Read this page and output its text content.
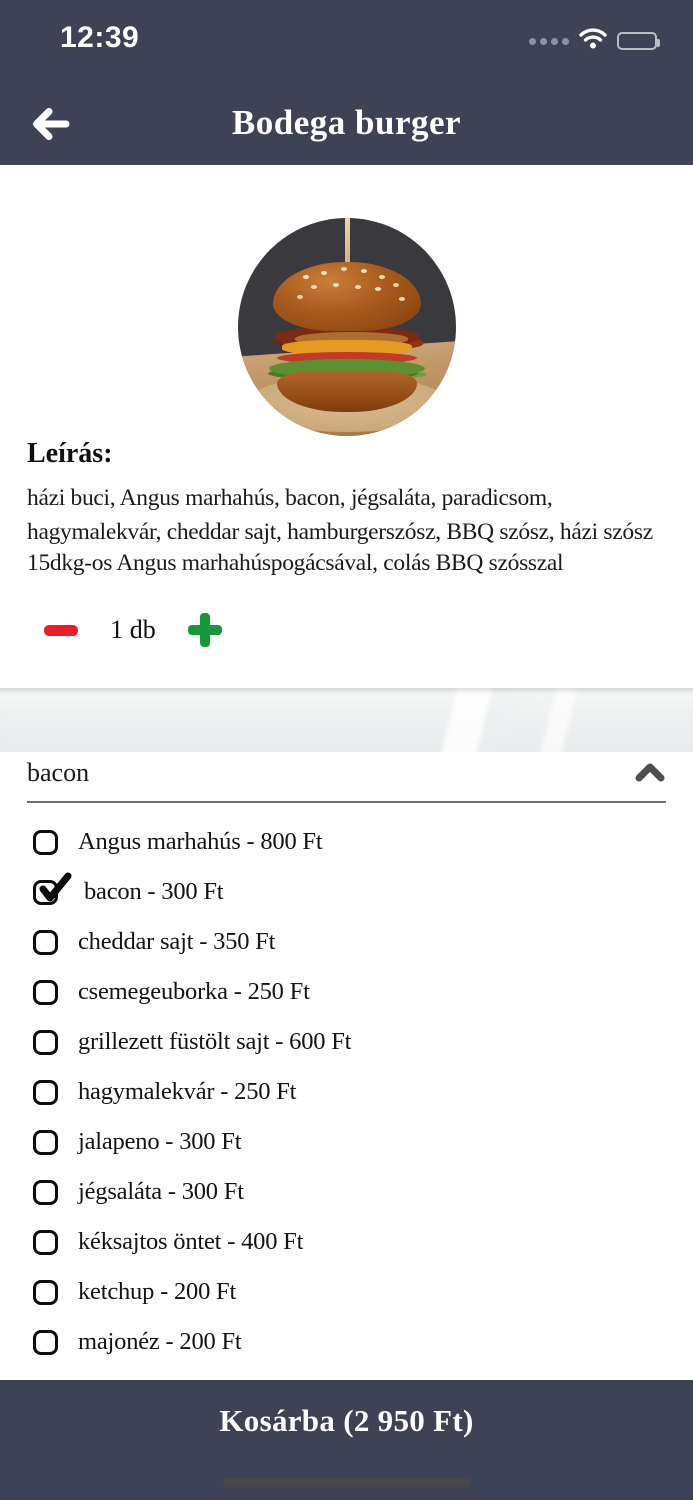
12:39
Bodega burger
Leírás:

házi buci, Angus marhahús, bacon, jégsaláta, paradicsom, hagymalekvár, cheddar sajt, hamburgerszósz, BBQ szósz, házi szósz

15dkg-os Angus marhahúspogácsával, colás BBQ szósszal

1 db
bacon
Angus marhahús - 800 Ft
bacon - 300 Ft
cheddar sajt - 350 Ft
csemegeuborka - 250 Ft
grillezett füstölt sajt - 600 Ft
hagymalekvár - 250 Ft
jalapeno - 300 Ft
jégsaláta - 300 Ft
kéksajtos öntet - 400 Ft
ketchup - 200 Ft
majonéz - 200 Ft
Kosárba (2 950 Ft)
